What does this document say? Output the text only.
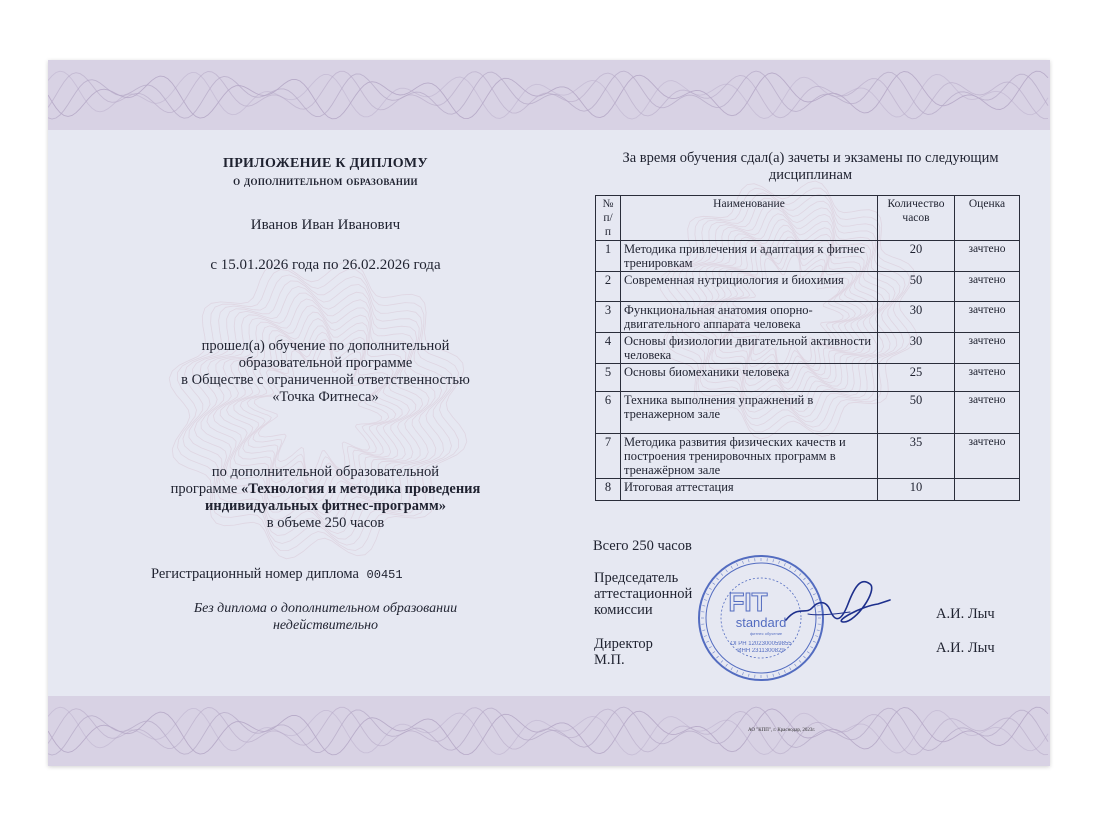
ПРИЛОЖЕНИЕ К ДИПЛОМУ
о дополнительном образовании
Иванов Иван Иванович
с 15.01.2026 года по 26.02.2026 года
прошел(а) обучение по дополнительной
образовательной программе
в Обществе с ограниченной ответственностью
«Точка Фитнеса»
по дополнительной образовательной
программе «Технология и методика проведения
индивидуальных фитнес-программ»
в объеме 250 часов
Регистрационный номер диплома 00451
Без диплома о дополнительном образовании
недействительно
За время обучения сдал(а) зачеты и экзамены по следующим
дисциплинам
№ п/ п	Наименование	Количество часов	Оценка
1	Методика привлечения и адаптация к фитнес тренировкам	20	зачтено
2	Современная нутрициология и биохимия	50	зачтено
3	Функциональная анатомия опорно-двигательного аппарата человека	30	зачтено
4	Основы физиологии двигательной активности человека	30	зачтено
5	Основы биомеханики человека	25	зачтено
6	Техника выполнения упражнений в тренажерном зале	50	зачтено
7	Методика развития физических качеств и построения тренировочных программ в тренажёрном зале	35	зачтено
8	Итоговая аттестация	10	
Всего 250 часов
Председатель
аттестационной
комиссии	А.И. Лыч
Директор
М.П.
А.И. Лыч
FIT
standard
фитнес обучение
ОГРН 1202300059855
ИНН 2311300829
АО "КПП", г. Краснодар, 2023г.
